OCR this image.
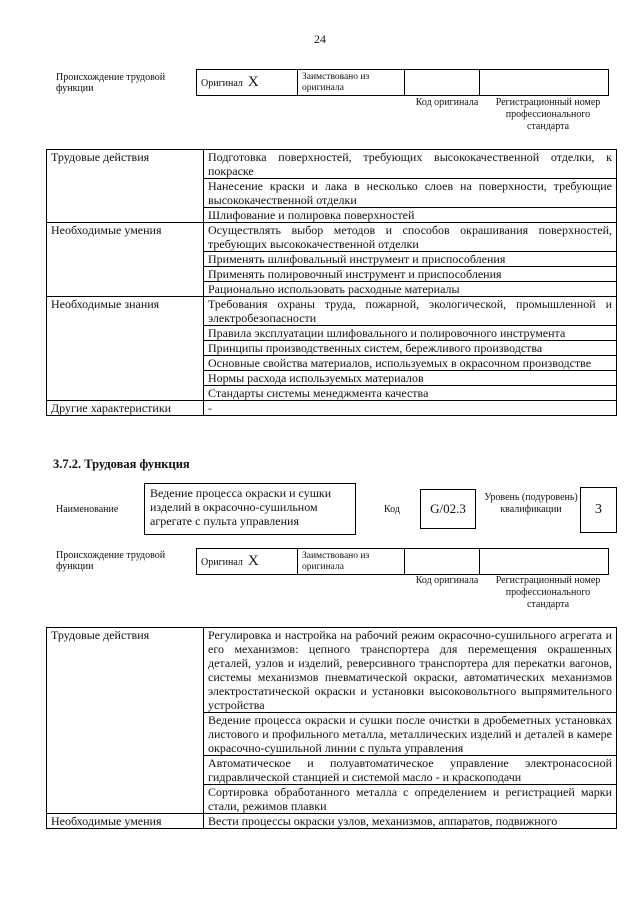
24
Происхождение трудовой функции	Оригинал X	Заимствовано из оригинала		
Код оригинала	Регистрационный номер профессионального стандарта
Трудовые действия	Подготовка поверхностей, требующих высококачественной отделки, к покраске
	Нанесение краски и лака в несколько слоев на поверхности, требующие высококачественной отделки
	Шлифование и полировка поверхностей
Необходимые умения	Осуществлять выбор методов и способов окрашивания поверхностей, требующих высококачественной отделки
	Применять шлифовальный инструмент и приспособления
	Применять полировочный инструмент и приспособления
	Рационально использовать расходные материалы
Необходимые знания	Требования охраны труда, пожарной, экологической, промышленной и электробезопасности
	Правила эксплуатации шлифовального и полировочного инструмента
	Принципы производственных систем, бережливого производства
	Основные свойства материалов, используемых в окрасочном производстве
	Нормы расхода используемых материалов
	Стандарты системы менеджмента качества
Другие характеристики	-
3.7.2. Трудовая функция
Наименование
Ведение процесса окраски и сушки изделий в окрасочно-сушильном агрегате с пульта управления
Код	G/02.3
Уровень (подуровень) квалификации	3
Происхождение трудовой функции	Оригинал X	Заимствовано из оригинала		
Код оригинала	Регистрационный номер профессионального стандарта
Трудовые действия	Регулировка и настройка на рабочий режим окрасочно-сушильного агрегата и его механизмов: цепного транспортера для перемещения окрашенных деталей, узлов и изделий, реверсивного транспортера для перекатки вагонов, системы механизмов пневматической окраски, автоматических механизмов электростатической окраски и установки высоковольтного выпрямительного устройства
	Ведение процесса окраски и сушки после очистки в дробеметных установках листового и профильного металла, металлических изделий и деталей в камере окрасочно-сушильной линии с пульта управления
	Автоматическое и полуавтоматическое управление электронасосной гидравлической станцией и системой масло - и краскоподачи
	Сортировка обработанного металла с определением и регистрацией марки стали, режимов плавки
Необходимые умения	Вести процессы окраски узлов, механизмов, аппаратов, подвижного
